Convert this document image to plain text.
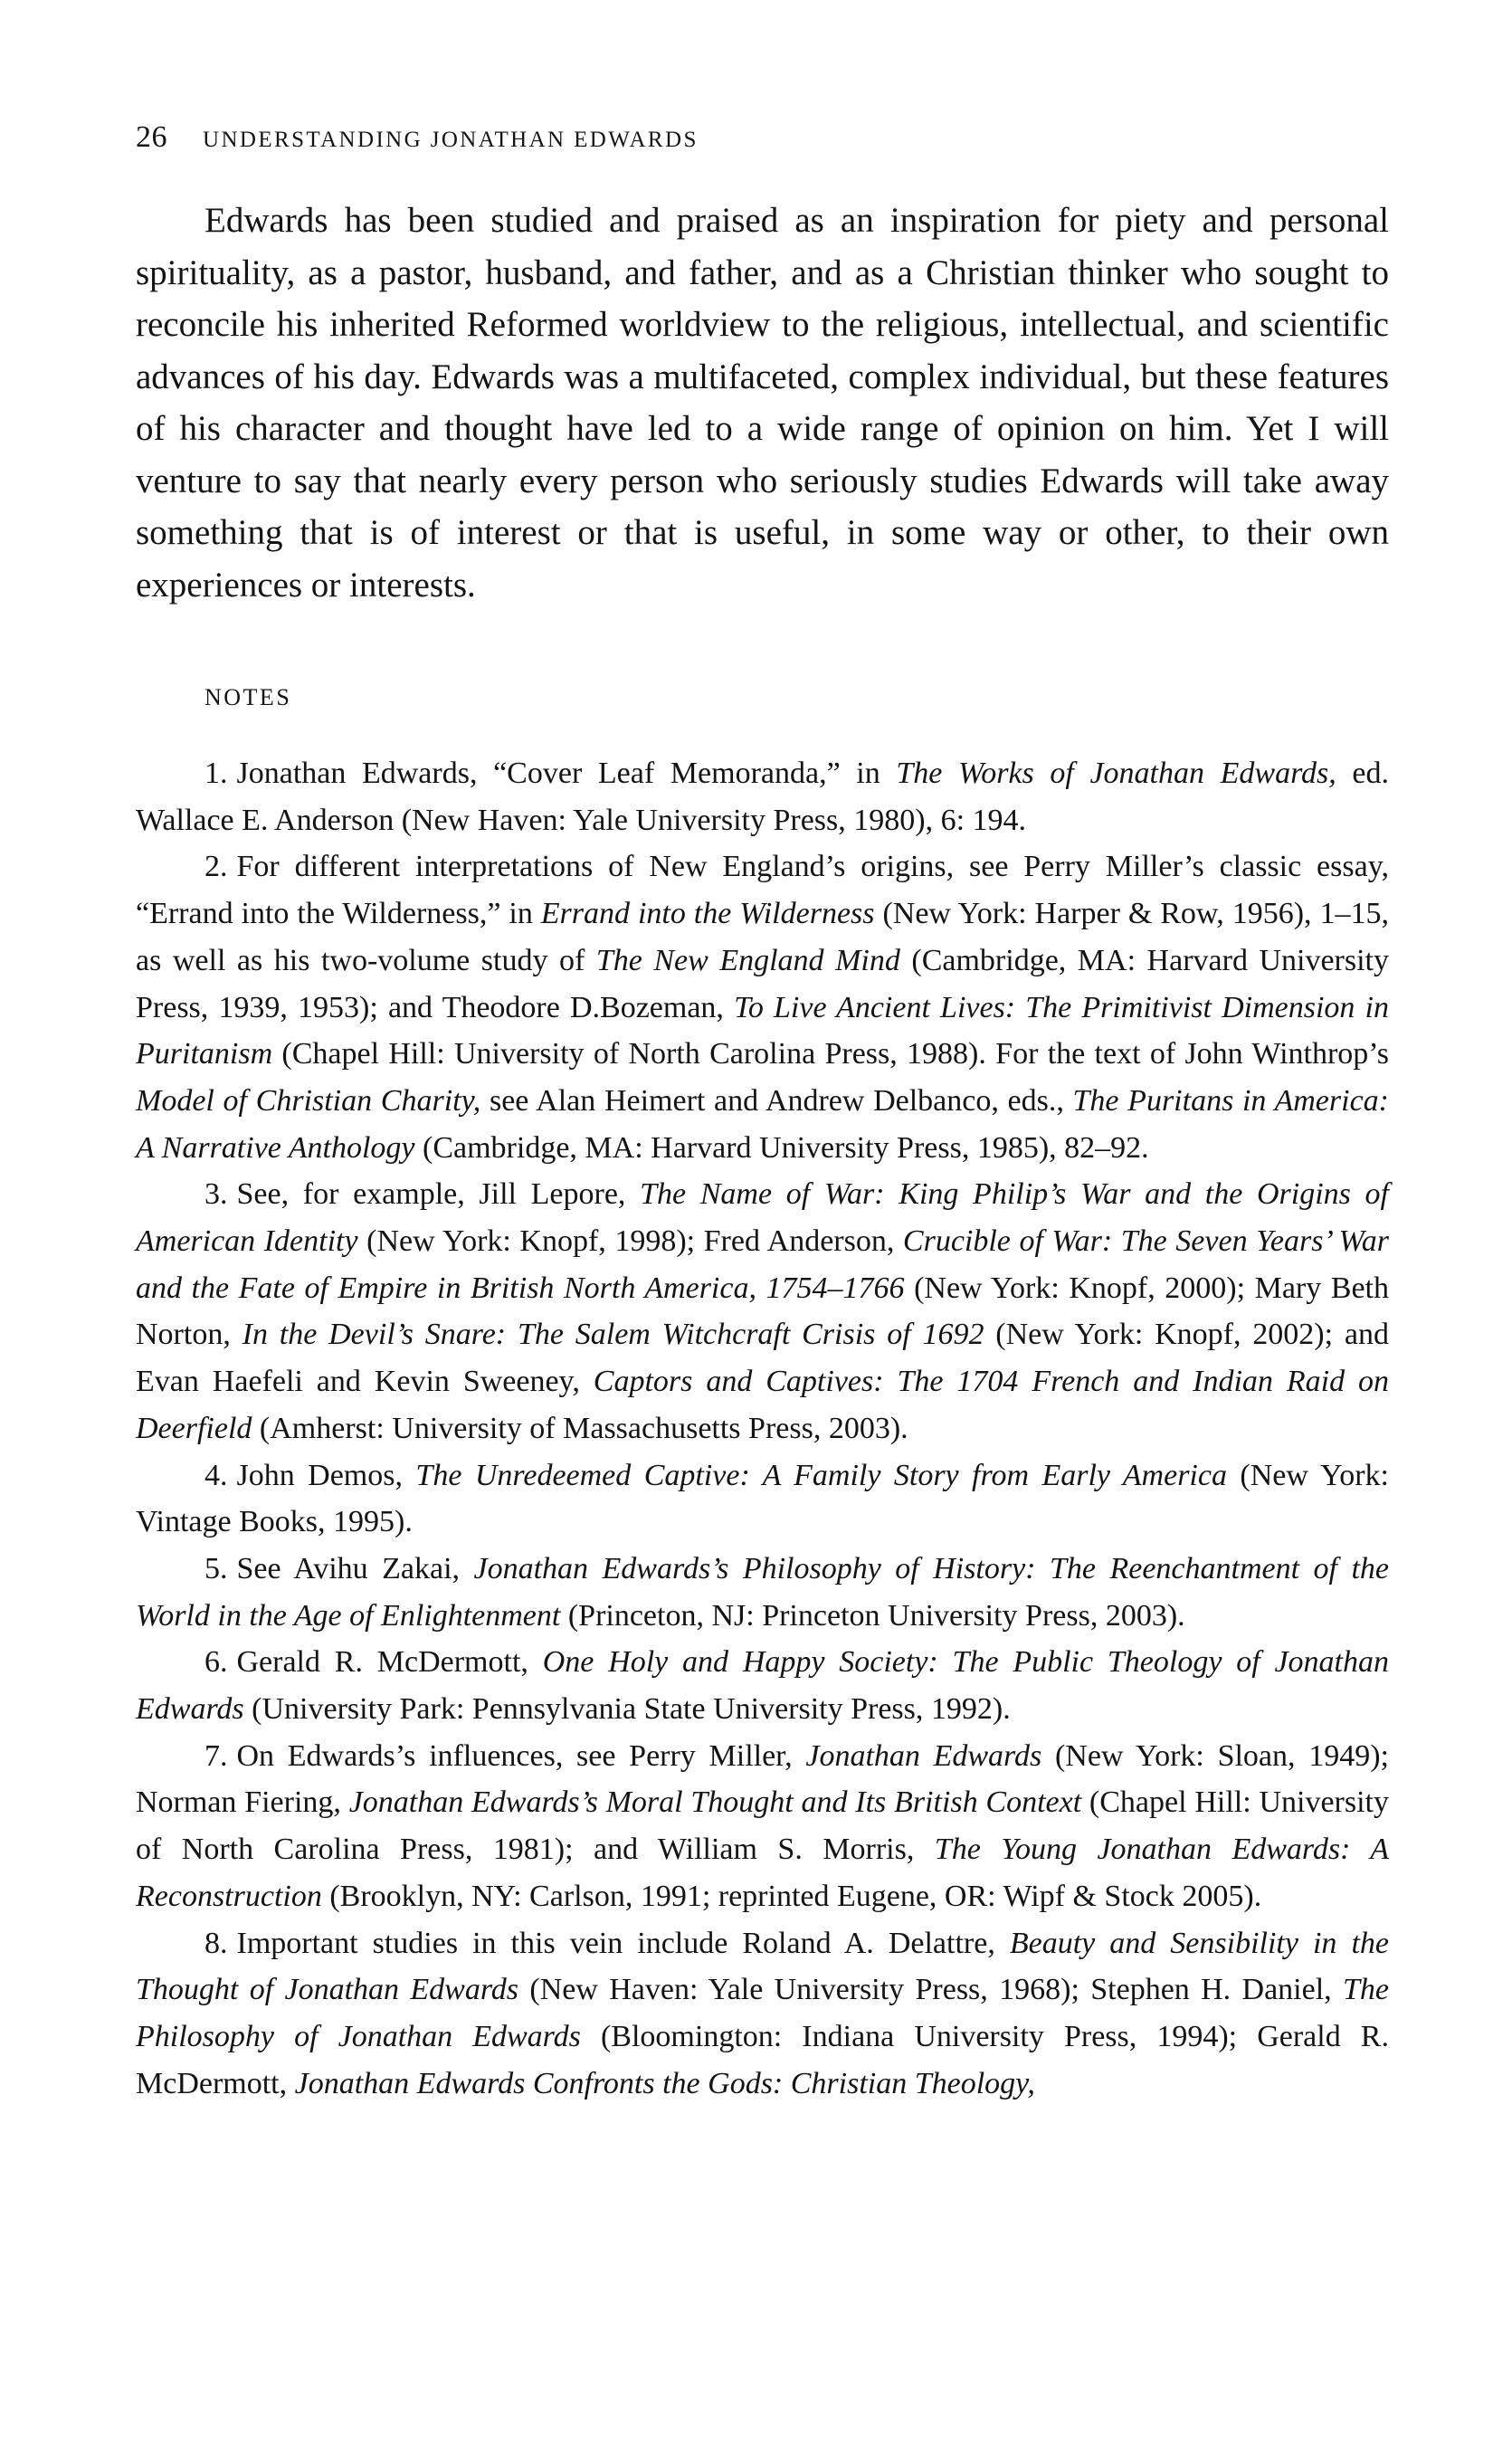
26 UNDERSTANDING JONATHAN EDWARDS

Edwards has been studied and praised as an inspiration for piety and personal spirituality, as a pastor, husband, and father, and as a Christian thinker who sought to reconcile his inherited Reformed worldview to the religious, intellectual, and scientific advances of his day. Edwards was a multifaceted, complex individual, but these features of his character and thought have led to a wide range of opinion on him. Yet I will venture to say that nearly every person who seriously studies Edwards will take away something that is of interest or that is useful, in some way or other, to their own experiences or interests.

NOTES

1. Jonathan Edwards, “Cover Leaf Memoranda,” in The Works of Jonathan Edwards, ed. Wallace E. Anderson (New Haven: Yale University Press, 1980), 6: 194.

2. For different interpretations of New England’s origins, see Perry Miller’s classic essay, “Errand into the Wilderness,” in Errand into the Wilderness (New York: Harper & Row, 1956), 1–15, as well as his two-volume study of The New England Mind (Cambridge, MA: Harvard University Press, 1939, 1953); and Theodore D.Bozeman, To Live Ancient Lives: The Primitivist Dimension in Puritanism (Chapel Hill: University of North Carolina Press, 1988). For the text of John Winthrop’s Model of Christian Charity, see Alan Heimert and Andrew Delbanco, eds., The Puritans in America: A Narrative Anthology (Cambridge, MA: Harvard University Press, 1985), 82–92.

3. See, for example, Jill Lepore, The Name of War: King Philip’s War and the Origins of American Identity (New York: Knopf, 1998); Fred Anderson, Crucible of War: The Seven Years’ War and the Fate of Empire in British North America, 1754–1766 (New York: Knopf, 2000); Mary Beth Norton, In the Devil’s Snare: The Salem Witchcraft Crisis of 1692 (New York: Knopf, 2002); and Evan Haefeli and Kevin Sweeney, Captors and Captives: The 1704 French and Indian Raid on Deerfield (Amherst: University of Massachusetts Press, 2003).

4. John Demos, The Unredeemed Captive: A Family Story from Early America (New York: Vintage Books, 1995).

5. See Avihu Zakai, Jonathan Edwards’s Philosophy of History: The Reenchantment of the World in the Age of Enlightenment (Princeton, NJ: Princeton University Press, 2003).

6. Gerald R. McDermott, One Holy and Happy Society: The Public Theology of Jonathan Edwards (University Park: Pennsylvania State University Press, 1992).

7. On Edwards’s influences, see Perry Miller, Jonathan Edwards (New York: Sloan, 1949); Norman Fiering, Jonathan Edwards’s Moral Thought and Its British Context (Chapel Hill: University of North Carolina Press, 1981); and William S. Morris, The Young Jonathan Edwards: A Reconstruction (Brooklyn, NY: Carlson, 1991; reprinted Eugene, OR: Wipf & Stock 2005).

8. Important studies in this vein include Roland A. Delattre, Beauty and Sensibility in the Thought of Jonathan Edwards (New Haven: Yale University Press, 1968); Stephen H. Daniel, The Philosophy of Jonathan Edwards (Bloomington: Indiana University Press, 1994); Gerald R. McDermott, Jonathan Edwards Confronts the Gods: Christian Theology,
